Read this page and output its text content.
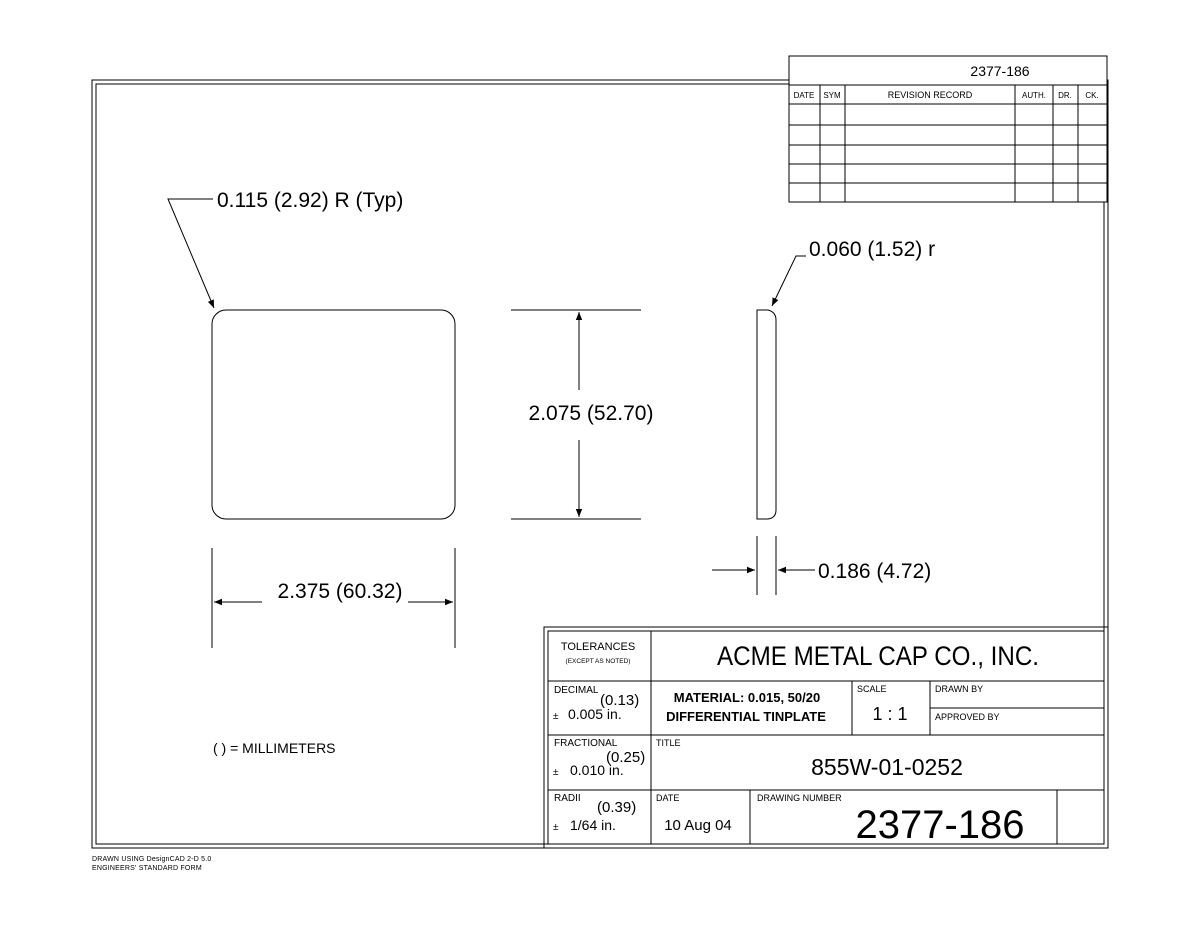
2377-186
DATE SYM	REVISION RECORD	AUTH. DR. CK.
0.115 (2.92) R (Typ)
0.060 (1.52) r
2.075 (52.70)
2.375 (60.32)
0.186 (4.72)
( ) = MILLIMETERS
TOLERANCES
(EXCEPT AS NOTED)	ACME METAL CAP CO., INC.
DECIMAL
(0.13)
± 0.005 in.
MATERIAL: 0.015, 50/20
DIFFERENTIAL TINPLATE
SCALE
1 : 1
DRAWN BY
APPROVED BY
FRACTIONAL
(0.25)
± 0.010 in.
TITLE
855W-01-0252
RADII
(0.39)
± 1/64 in.
DATE
10 Aug 04
DRAWING NUMBER
2377-186
DRAWN USING DesignCAD 2-D 5.0
ENGINEERS' STANDARD FORM
